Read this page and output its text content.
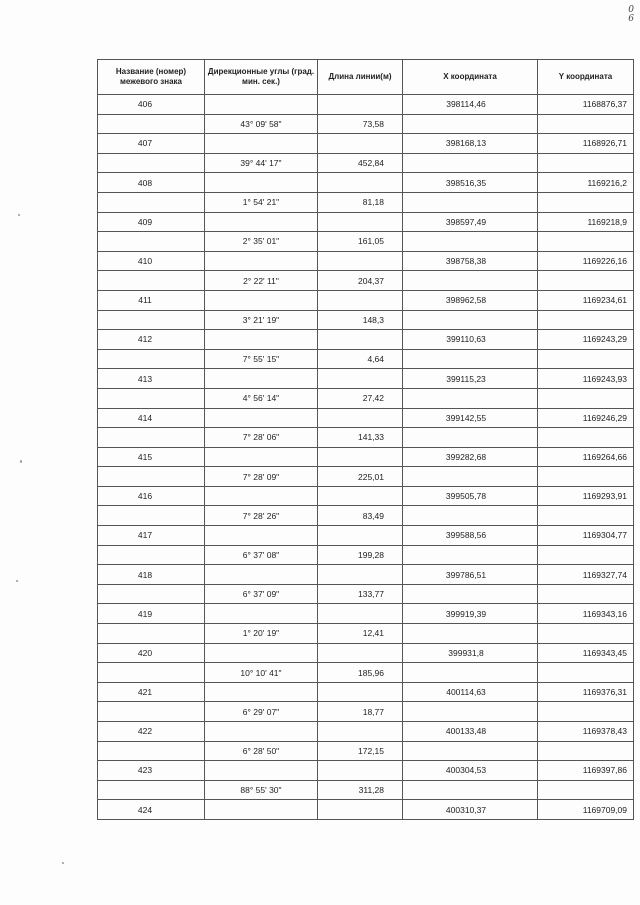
0
6
Название (номер) межевого знака	Дирекционные углы (град. мин. сек.)	Длина линии(м)	X координата	Y координата
406			398114,46	1168876,37
	43° 09' 58"	73,58		
407			398168,13	1168926,71
	39° 44' 17"	452,84		
408			398516,35	1169216,2
	1° 54' 21"	81,18		
409			398597,49	1169218,9
	2° 35' 01"	161,05		
410			398758,38	1169226,16
	2° 22' 11"	204,37		
411			398962,58	1169234,61
	3° 21' 19"	148,3		
412			399110,63	1169243,29
	7° 55' 15"	4,64		
413			399115,23	1169243,93
	4° 56' 14"	27,42		
414			399142,55	1169246,29
	7° 28' 06"	141,33		
415			399282,68	1169264,66
	7° 28' 09"	225,01		
416			399505,78	1169293,91
	7° 28' 26"	83,49		
417			399588,56	1169304,77
	6° 37' 08"	199,28		
418			399786,51	1169327,74
	6° 37' 09"	133,77		
419			399919,39	1169343,16
	1° 20' 19"	12,41		
420			399931,8	1169343,45
	10° 10' 41"	185,96		
421			400114,63	1169376,31
	6° 29' 07"	18,77		
422			400133,48	1169378,43
	6° 28' 50"	172,15		
423			400304,53	1169397,86
	88° 55' 30"	311,28		
424			400310,37	1169709,09
